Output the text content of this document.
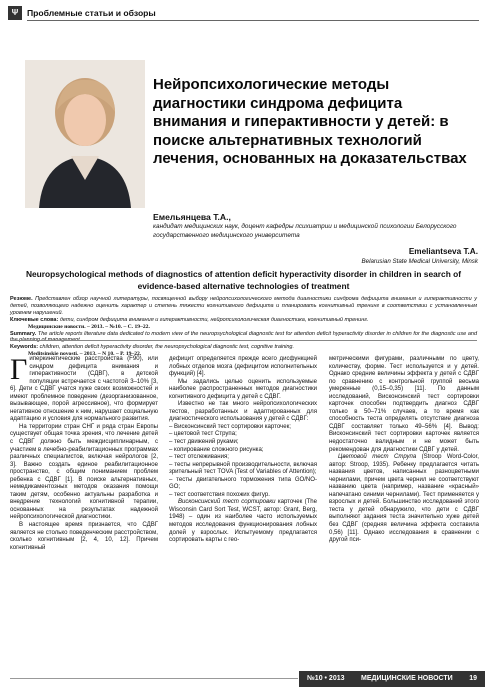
Ψ	Проблемные статьи и обзоры
Нейропсихологические методы диагностики синдрома дефицита внимания и гиперактивности у детей: в поиске альтернативных технологий лечения, основанных на доказательствах
Емельянцева Т.А.,
кандидат медицинских наук, доцент кафедры психиатрии и медицинской психологии Белорусского государственного медицинского университета
Emeliantseva T.A.
Belarusian State Medical University, Minsk
Neuropsychological methods of diagnostics of attention deficit hyperactivity disorder in children in search of evidence-based alternative technologies of treatment
Резюме. Представлен обзор научной литературы, посвященной выбору нейропсихологического метода диагностики синдрома дефицита внимания и гиперактивности у детей, позволяющего надежно оценить характер и степень тяжести когнитивного дефицита и планировать когнитивный тренинг в соответствии с установленным уровнем нарушений.
Ключевые слова: дети, синдром дефицита внимания и гиперактивности, нейропсихологическая диагностика, когнитивный тренинг.
Медицинские новости. – 2013. – №10. – С. 19–22.
Summary. The article reports literature data dedicated to modern view of the neuropsychological diagnostic test for attention deficit hyperactivity disorder in children for the diagnostic use and
Keywords: children, attention deficit hyperactivity disorder, the neuropsychological diagnostic test, cognitive training.
Meditsinskie novosti. – 2013. – N 10. – P. 19–22.

Гиперкинетические расстройства (F90), или синдром дефицита внимания и гиперактивности (СДВГ), в детской популяции встречается с частотой 3–10% [3, 6]. Дети с СДВГ учатся хуже своих возможностей и имеют проблемное поведение (дезорганизованное, вызывающее, порой агрессивное), что формирует негативное отношение к ним, нарушает социальную адаптацию и условия для нормального развития.

На территории стран СНГ и ряда стран Европы существует общая точка зрения, что лечение детей с СДВГ должно быть междисциплинарным, с участием в лечебно-реабилитационных программах различных специалистов, включая нейрологов [2, 3]. Важно создать единое реабилитационное пространство, с общим пониманием проблем ребенка с СДВГ [1]. В поиске альтернативных, немедикаментозных методов оказания помощи таким детям, особенно актуальны разработка и внедрение технологий когнитивной терапии, основанных на результатах надежной нейропсихологической диагностики.

В настоящее время признается, что СДВГ является не столько поведенческим расстройством, сколько когнитивным [2, 4, 10, 12]. Причем когнитивный

дефицит определяется прежде всего дисфункцией лобных отделов мозга (дефицитом исполнительных функций) [4].

Мы задались целью оценить используемые наиболее распространенных методов диагностики когнитивного дефицита у детей с СДВГ.

Известно не так много нейропсихологических тестов, разработанных и адаптированных для диагностического использования у детей с СДВГ:

– Висконсинский тест сортировки карточек;

– цветовой тест Струпа;

– тест движений руками;

– копирование сложного рисунка;

– тест отслеживания;

– тесты непрерывной производительности, включая зрительный тест TOVA (Test of Variables of Attention);

– тесты двигательного торможения типа GO/NO-GO;

– тест соответствия похожих фигур.

Висконсинский тест сортировки карточек (The Wisconsin Card Sort Test, WCST, автор: Grant, Berg, 1948) – один из наиболее часто используемых методов исследования функционирования лобных долей у взрослых. Испытуемому предлагается сортировать карты с гео-

метрическими фигурами, различными по цвету, количеству, форме. Тест используется и у детей. Однако средние величины эффекта у детей с СДВГ по сравнению с контрольной группой весьма умеренные (0,15–0,35) [11]. По данным исследований, Висконсинский тест сортировки карточек способен подтвердить диагноз СДВГ только в 50–71% случаев, а то время как способность теста определять отсутствие диагноза СДВГ составляет только 49–56% [4]. Вывод: Висконсинский тест сортировки карточек является недостаточно валидным и не может быть рекомендован для диагностики СДВГ у детей.

Цветовой тест Струпа (Stroop Word-Color, автор: Stroop, 1935). Ребенку предлагается читать названия цветов, написанных разноцветными чернилами, причем цвета чернил не соответствуют названию цвета (например, название «красный» напечатано синими чернилами). Тест применяется у взрослых и детей. Большинство исследований этого теста у детей обнаружило, что дети с СДВГ выполняют задания теста значительно хуже детей без СДВГ (средняя величина эффекта составила 0,56) [11]. Однако исследования в сравнении с другой пси-

№10 • 2013 МЕДИЦИНСКИЕ НОВОСТИ 19
